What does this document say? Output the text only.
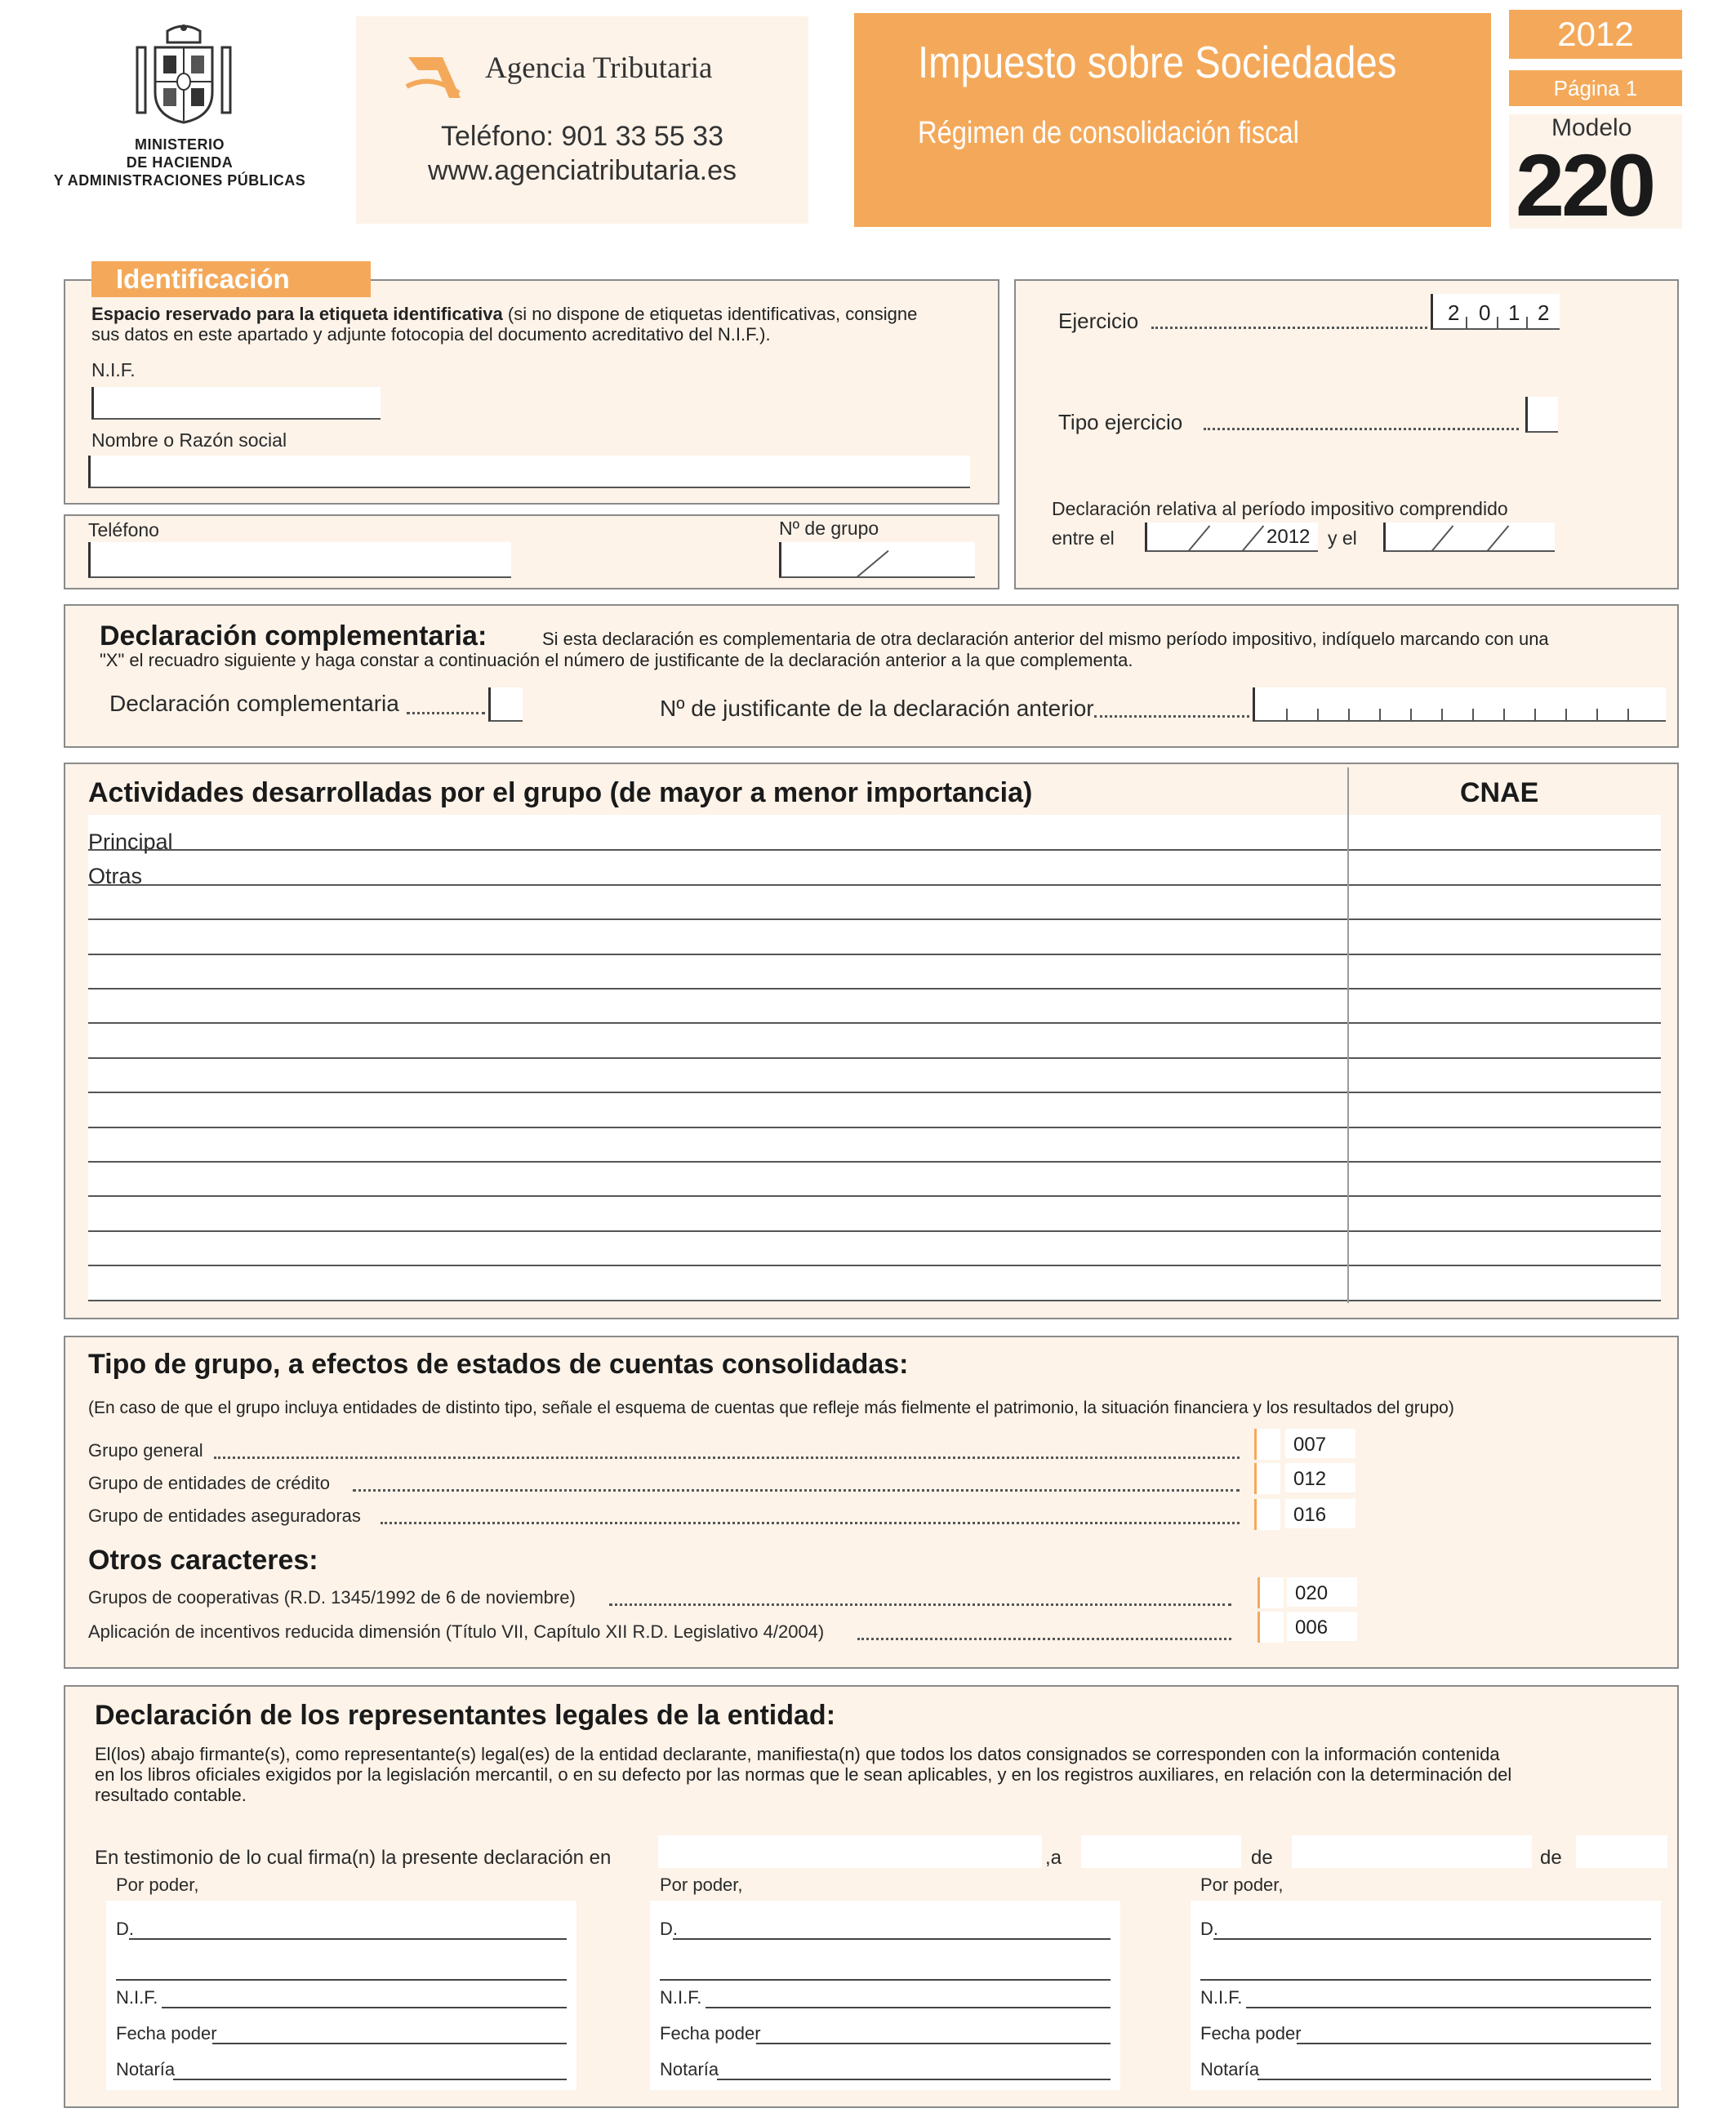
MINISTERIO
DE HACIENDA
Y ADMINISTRACIONES PÚBLICAS
Agencia Tributaria
Teléfono: 901 33 55 33
www.agenciatributaria.es
Impuesto sobre Sociedades
Régimen de consolidación fiscal
2012
Página 1
Modelo
220
Identificación
Espacio reservado para la etiqueta identificativa (si no dispone de etiquetas identificativas, consigne
sus datos en este apartado y adjunte fotocopia del documento acreditativo del N.I.F.).
N.I.F.
Nombre o Razón social
Teléfono	Nº de grupo
Ejercicio	2 0 1 2
Tipo ejercicio
Declaración relativa al período impositivo comprendido
entre el	2012 y el
Declaración complementaria:	Si esta declaración es complementaria de otra declaración anterior del mismo período impositivo, indíquelo marcando con una
"X" el recuadro siguiente y haga constar a continuación el número de justificante de la declaración anterior a la que complementa.
Declaración complementaria	Nº de justificante de la declaración anterior
Actividades desarrolladas por el grupo (de mayor a menor importancia)	CNAE
Principal
Otras
Tipo de grupo, a efectos de estados de cuentas consolidadas:
(En caso de que el grupo incluya entidades de distinto tipo, señale el esquema de cuentas que refleje más fielmente el patrimonio, la situación financiera y los resultados del grupo)
Grupo general	007
Grupo de entidades de crédito	012
Grupo de entidades aseguradoras	016
Otros caracteres:
Grupos de cooperativas (R.D. 1345/1992 de 6 de noviembre)	020
Aplicación de incentivos reducida dimensión (Título VII, Capítulo XII R.D. Legislativo 4/2004)	006
Declaración de los representantes legales de la entidad:
El(los) abajo firmante(s), como representante(s) legal(es) de la entidad declarante, manifiesta(n) que todos los datos consignados se corresponden con la información contenida
en los libros oficiales exigidos por la legislación mercantil, o en su defecto por las normas que le sean aplicables, y en los registros auxiliares, en relación con la determinación del
resultado contable.
En testimonio de lo cual firma(n) la presente declaración en	,a	de	de
Por poder,
D.
N.I.F.
Fecha poder
Notaría
Por poder,
D.
N.I.F.
Fecha poder
Notaría
Por poder,
D.
N.I.F.
Fecha poder
Notaría
